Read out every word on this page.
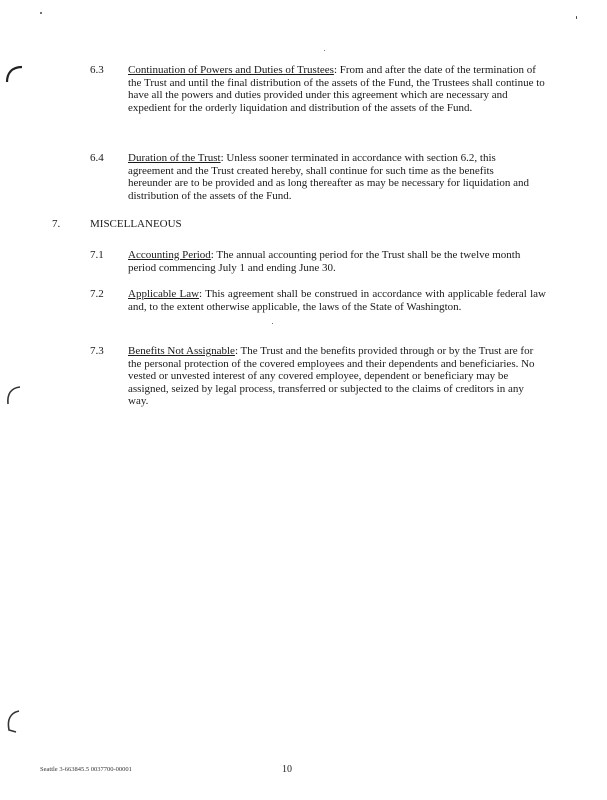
6.3 Continuation of Powers and Duties of Trustees: From and after the date of the termination of the Trust and until the final distribution of the assets of the Fund, the Trustees shall continue to have all the powers and duties provided under this agreement which are necessary and expedient for the orderly liquidation and distribution of the assets of the Fund.
6.4 Duration of the Trust: Unless sooner terminated in accordance with section 6.2, this agreement and the Trust created hereby, shall continue for such time as the benefits hereunder are to be provided and as long thereafter as may be necessary for liquidation and distribution of the assets of the Fund.
7.	MISCELLANEOUS
7.1 Accounting Period: The annual accounting period for the Trust shall be the twelve month period commencing July 1 and ending June 30.
7.2 Applicable Law: This agreement shall be construed in accordance with applicable federal law and, to the extent otherwise applicable, the laws of the State of Washington.
7.3 Benefits Not Assignable: The Trust and the benefits provided through or by the Trust are for the personal protection of the covered employees and their dependents and beneficiaries. No vested or unvested interest of any covered employee, dependent or beneficiary may be assigned, seized by legal process, transferred or subjected to the claims of creditors in any way.
Seattle 3-663845.5 0037700-00001	10
